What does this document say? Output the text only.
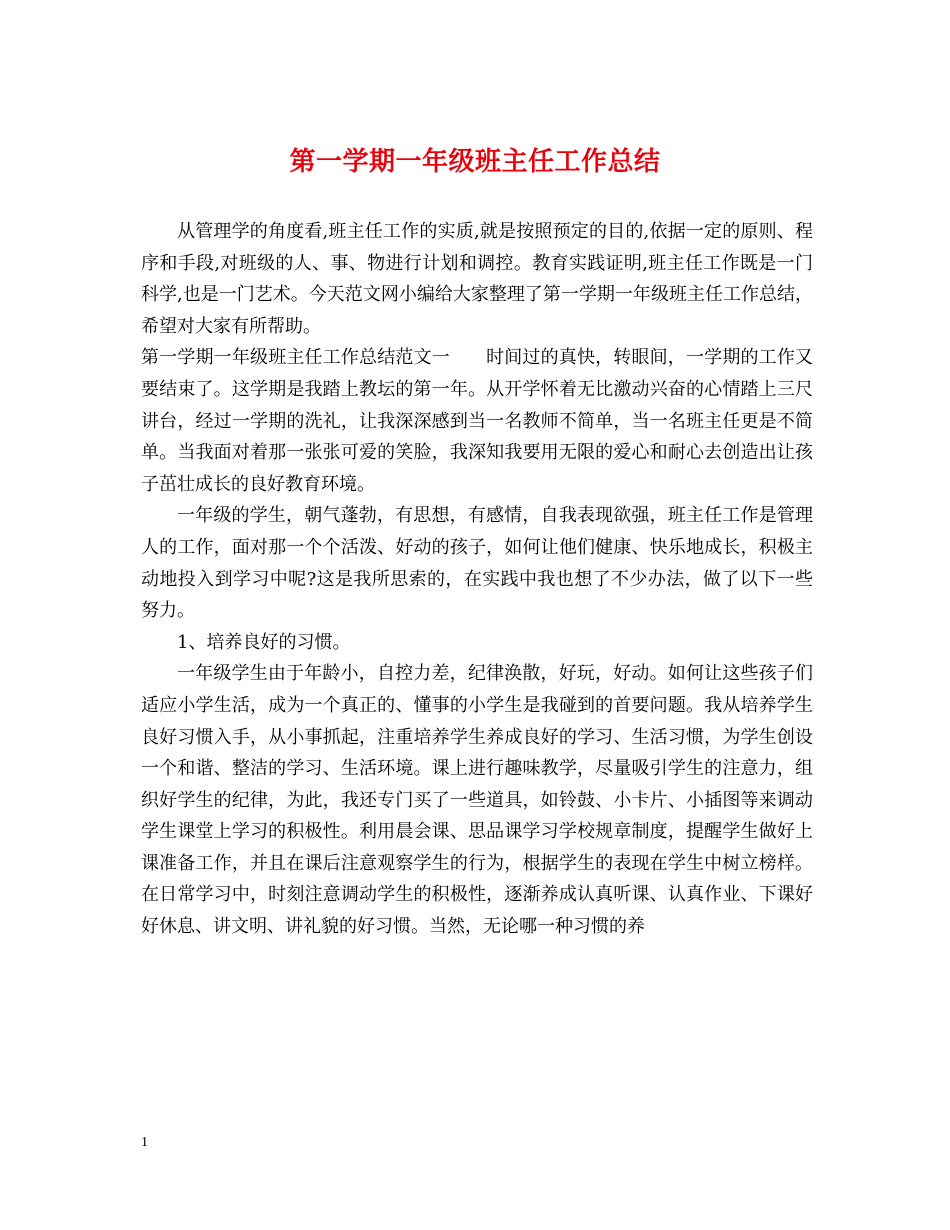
第一学期一年级班主任工作总结

从管理学的角度看,班主任工作的实质,就是按照预定的目的,依据一定的原则、程序和手段,对班级的人、事、物进行计划和调控。教育实践证明,班主任工作既是一门科学,也是一门艺术。今天范文网小编给大家整理了第一学期一年级班主任工作总结，希望对大家有所帮助。

第一学期一年级班主任工作总结范文一 时间过的真快，转眼间，一学期的工作又要结束了。这学期是我踏上教坛的第一年。从开学怀着无比激动兴奋的心情踏上三尺讲台，经过一学期的洗礼，让我深深感到当一名教师不简单，当一名班主任更是不简单。当我面对着那一张张可爱的笑脸，我深知我要用无限的爱心和耐心去创造出让孩子茁壮成长的良好教育环境。

一年级的学生，朝气蓬勃，有思想，有感情，自我表现欲强，班主任工作是管理人的工作，面对那一个个活泼、好动的孩子，如何让他们健康、快乐地成长，积极主动地投入到学习中呢?这是我所思索的，在实践中我也想了不少办法，做了以下一些努力。

1、培养良好的习惯。

一年级学生由于年龄小，自控力差，纪律涣散，好玩，好动。如何让这些孩子们适应小学生活，成为一个真正的、懂事的小学生是我碰到的首要问题。我从培养学生良好习惯入手，从小事抓起，注重培养学生养成良好的学习、生活习惯，为学生创设一个和谐、整洁的学习、生活环境。课上进行趣味教学，尽量吸引学生的注意力，组织好学生的纪律，为此，我还专门买了一些道具，如铃鼓、小卡片、小插图等来调动学生课堂上学习的积极性。利用晨会课、思品课学习学校规章制度，提醒学生做好上课准备工作，并且在课后注意观察学生的行为，根据学生的表现在学生中树立榜样。在日常学习中，时刻注意调动学生的积极性，逐渐养成认真听课、认真作业、下课好好休息、讲文明、讲礼貌的好习惯。当然，无论哪一种习惯的养

1
